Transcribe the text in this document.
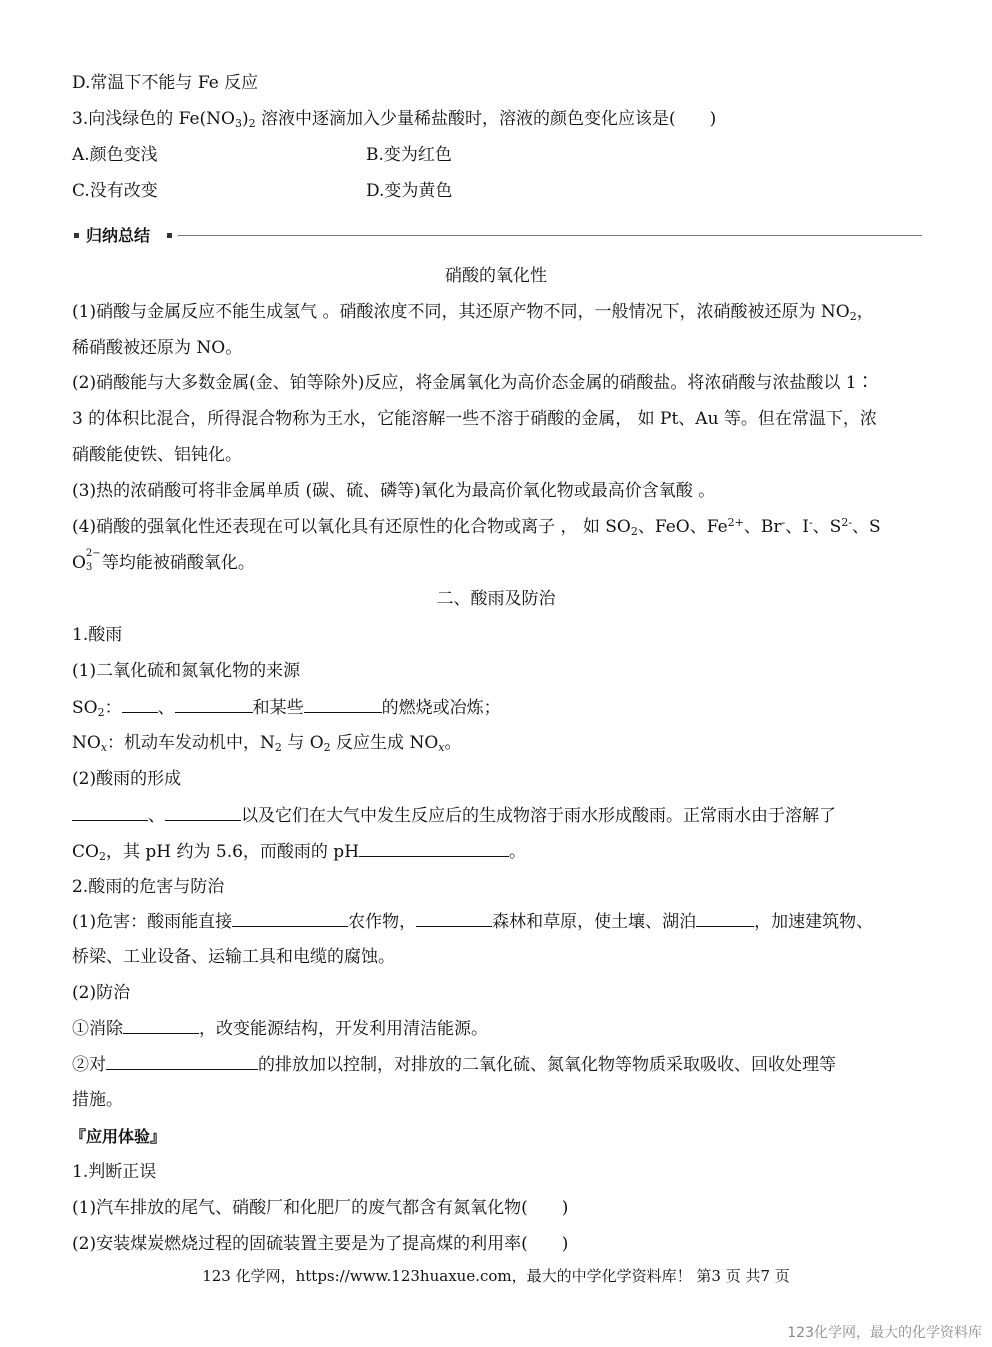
D.常温下不能与 Fe 反应
3.向浅绿色的 $Fe(NO_3)_2$ 溶液中逐滴加入少量稀盐酸时，溶液的颜色变化应该是(　　)
A.颜色变浅	B.变为红色
C.没有改变	D.变为黄色
归纳总结
硝酸的氧化性
(1)硝酸与金属反应不能生成氢气 。硝酸浓度不同，其还原产物不同，一般情况下，浓硝酸被还原为 $NO_2$，
稀硝酸被还原为 NO。
(2)硝酸能与大多数金属(金、铂等除外)反应，将金属氧化为高价态金属的硝酸盐。将浓硝酸与浓盐酸以 1∶
3 的体积比混合，所得混合物称为王水，它能溶解一些不溶于硝酸的金属， 如 Pt、Au 等。但在常温下，浓
硝酸能使铁、铝钝化。
(3)热的浓硝酸可将非金属单质 (碳、硫、磷等)氧化为最高价氧化物或最高价含氧酸 。
(4)硝酸的强氧化性还表现在可以氧化具有还原性的化合物或离子 ， 如 $SO_2$、FeO、$Fe^{2+}$、Br-、I-、$S^{2-}$、S
O 2−
3 等均能被硝酸氧化。
二、酸雨及防治
1.酸雨
(1)二氧化硫和氮氧化物的来源
$SO_2$： 、	和某些	的燃烧或冶炼；
$NO_x$：机动车发动机中，$N_2$ 与 $O_2$ 反应生成 $NO_x$。
(2)酸雨的形成
、	以及它们在大气中发生反应后的生成物溶于雨水形成酸雨。正常雨水由于溶解了
$CO_2$，其 pH 约为 5.6，而酸雨的 pH	。
2.酸雨的危害与防治
(1)危害：酸雨能直接	农作物，	森林和草原，使土壤、湖泊	，加速建筑物、
桥梁、工业设备、运输工具和电缆的腐蚀。
(2)防治
①消除	，改变能源结构，开发利用清洁能源。
②对	的排放加以控制，对排放的二氧化硫、氮氧化物等物质采取吸收、回收处理等
措施。
『应用体验』
1.判断正误
(1)汽车排放的尾气、硝酸厂和化肥厂的废气都含有氮氧化物(　　)
(2)安装煤炭燃烧过程的固硫装置主要是为了提高煤的利用率(　　)
123 化学网，https://www.123huaxue.com，最大的中学化学资料库！ 第3 页 共7 页
123化学网，最大的化学资料库
